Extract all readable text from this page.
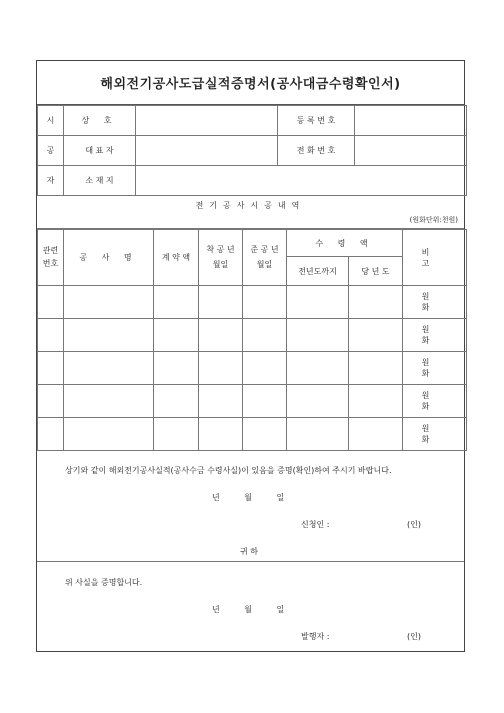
해외전기공사도급실적증명서(공사대금수령확인서)
시	상 호		등 록 번 호	
공	대 표 자		전 화 번 호	
자	소 재 지			
전기공사시공내역
(원화단위:천원)
관련번호	공 사 명	계 약 액	착 공 년월일	준 공 년월일	수 령 액		비 고
					전년도까지	당 년 도	
							원 화
							원 화
							원 화
							원 화
							원 화
상기와 같이 해외전기공사실적(공사수금 수령사실)이 있음을 증명(확인)하여 주시기 바랍니다.
년 월 일
신청인 :	(인)
귀 하
위 사실을 증명합니다.
년 월 일
발행자 :	(인)
